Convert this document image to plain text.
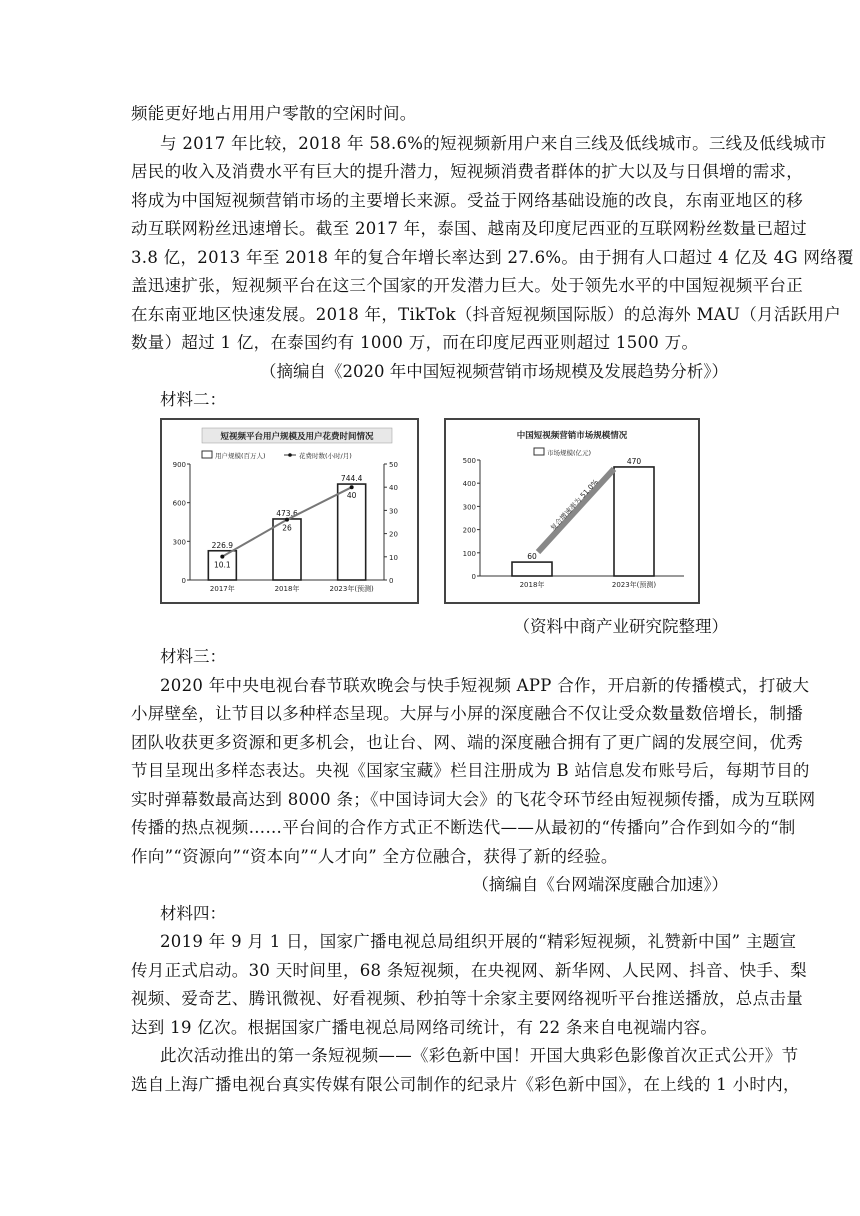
频能更好地占用用户零散的空闲时间。
与 2017 年比较，2018 年 58.6%的短视频新用户来自三线及低线城市。三线及低线城市
居民的收入及消费水平有巨大的提升潜力，短视频消费者群体的扩大以及与日俱增的需求，
将成为中国短视频营销市场的主要增长来源。受益于网络基础设施的改良，东南亚地区的移
动互联网粉丝迅速增长。截至 2017 年，泰国、越南及印度尼西亚的互联网粉丝数量已超过
3.8 亿，2013 年至 2018 年的复合年增长率达到 27.6%。由于拥有人口超过 4 亿及 4G 网络覆
盖迅速扩张，短视频平台在这三个国家的开发潜力巨大。处于领先水平的中国短视频平台正
在东南亚地区快速发展。2018 年，TikTok（抖音短视频国际版）的总海外 MAU（月活跃用户
数量）超过 1 亿，在泰国约有 1000 万，而在印度尼西亚则超过 1500 万。
（摘编自《2020 年中国短视频营销市场规模及发展趋势分析》）
材料二：
短视频平台用户规模及用户花费时间情况
用户规模(百万人)	花费时数(小时/月)
0
300
600
900
0
10
20
30
40
50
226.9
2017年
473.6
2018年
744.4
2023年(预测)
10.1
26
40
中国短视频营销市场规模情况
市场规模(亿元)
0
100
200
300
400
500
60
2018年
470
2023年(预测)
复合增速率为 51.0%
（资料中商产业研究院整理）
材料三：
2020 年中央电视台春节联欢晚会与快手短视频 APP 合作，开启新的传播模式，打破大
小屏壁垒，让节目以多种样态呈现。大屏与小屏的深度融合不仅让受众数量数倍增长，制播
团队收获更多资源和更多机会，也让台、网、端的深度融合拥有了更广阔的发展空间，优秀
节目呈现出多样态表达。央视《国家宝藏》栏目注册成为 B 站信息发布账号后，每期节目的
实时弹幕数最高达到 8000 条；《中国诗词大会》的飞花令环节经由短视频传播，成为互联网
传播的热点视频……平台间的合作方式正不断迭代——从最初的“传播向”合作到如今的“制
作向”“资源向”“资本向”“人才向” 全方位融合，获得了新的经验。
（摘编自《台网端深度融合加速》）
材料四：
2019 年 9 月 1 日，国家广播电视总局组织开展的“精彩短视频，礼赞新中国” 主题宣
传月正式启动。30 天时间里，68 条短视频，在央视网、新华网、人民网、抖音、快手、梨
视频、爱奇艺、腾讯微视、好看视频、秒拍等十余家主要网络视听平台推送播放，总点击量
达到 19 亿次。根据国家广播电视总局网络司统计，有 22 条来自电视端内容。
此次活动推出的第一条短视频——《彩色新中国！开国大典彩色影像首次正式公开》节
选自上海广播电视台真实传媒有限公司制作的纪录片《彩色新中国》，在上线的 1 小时内，
